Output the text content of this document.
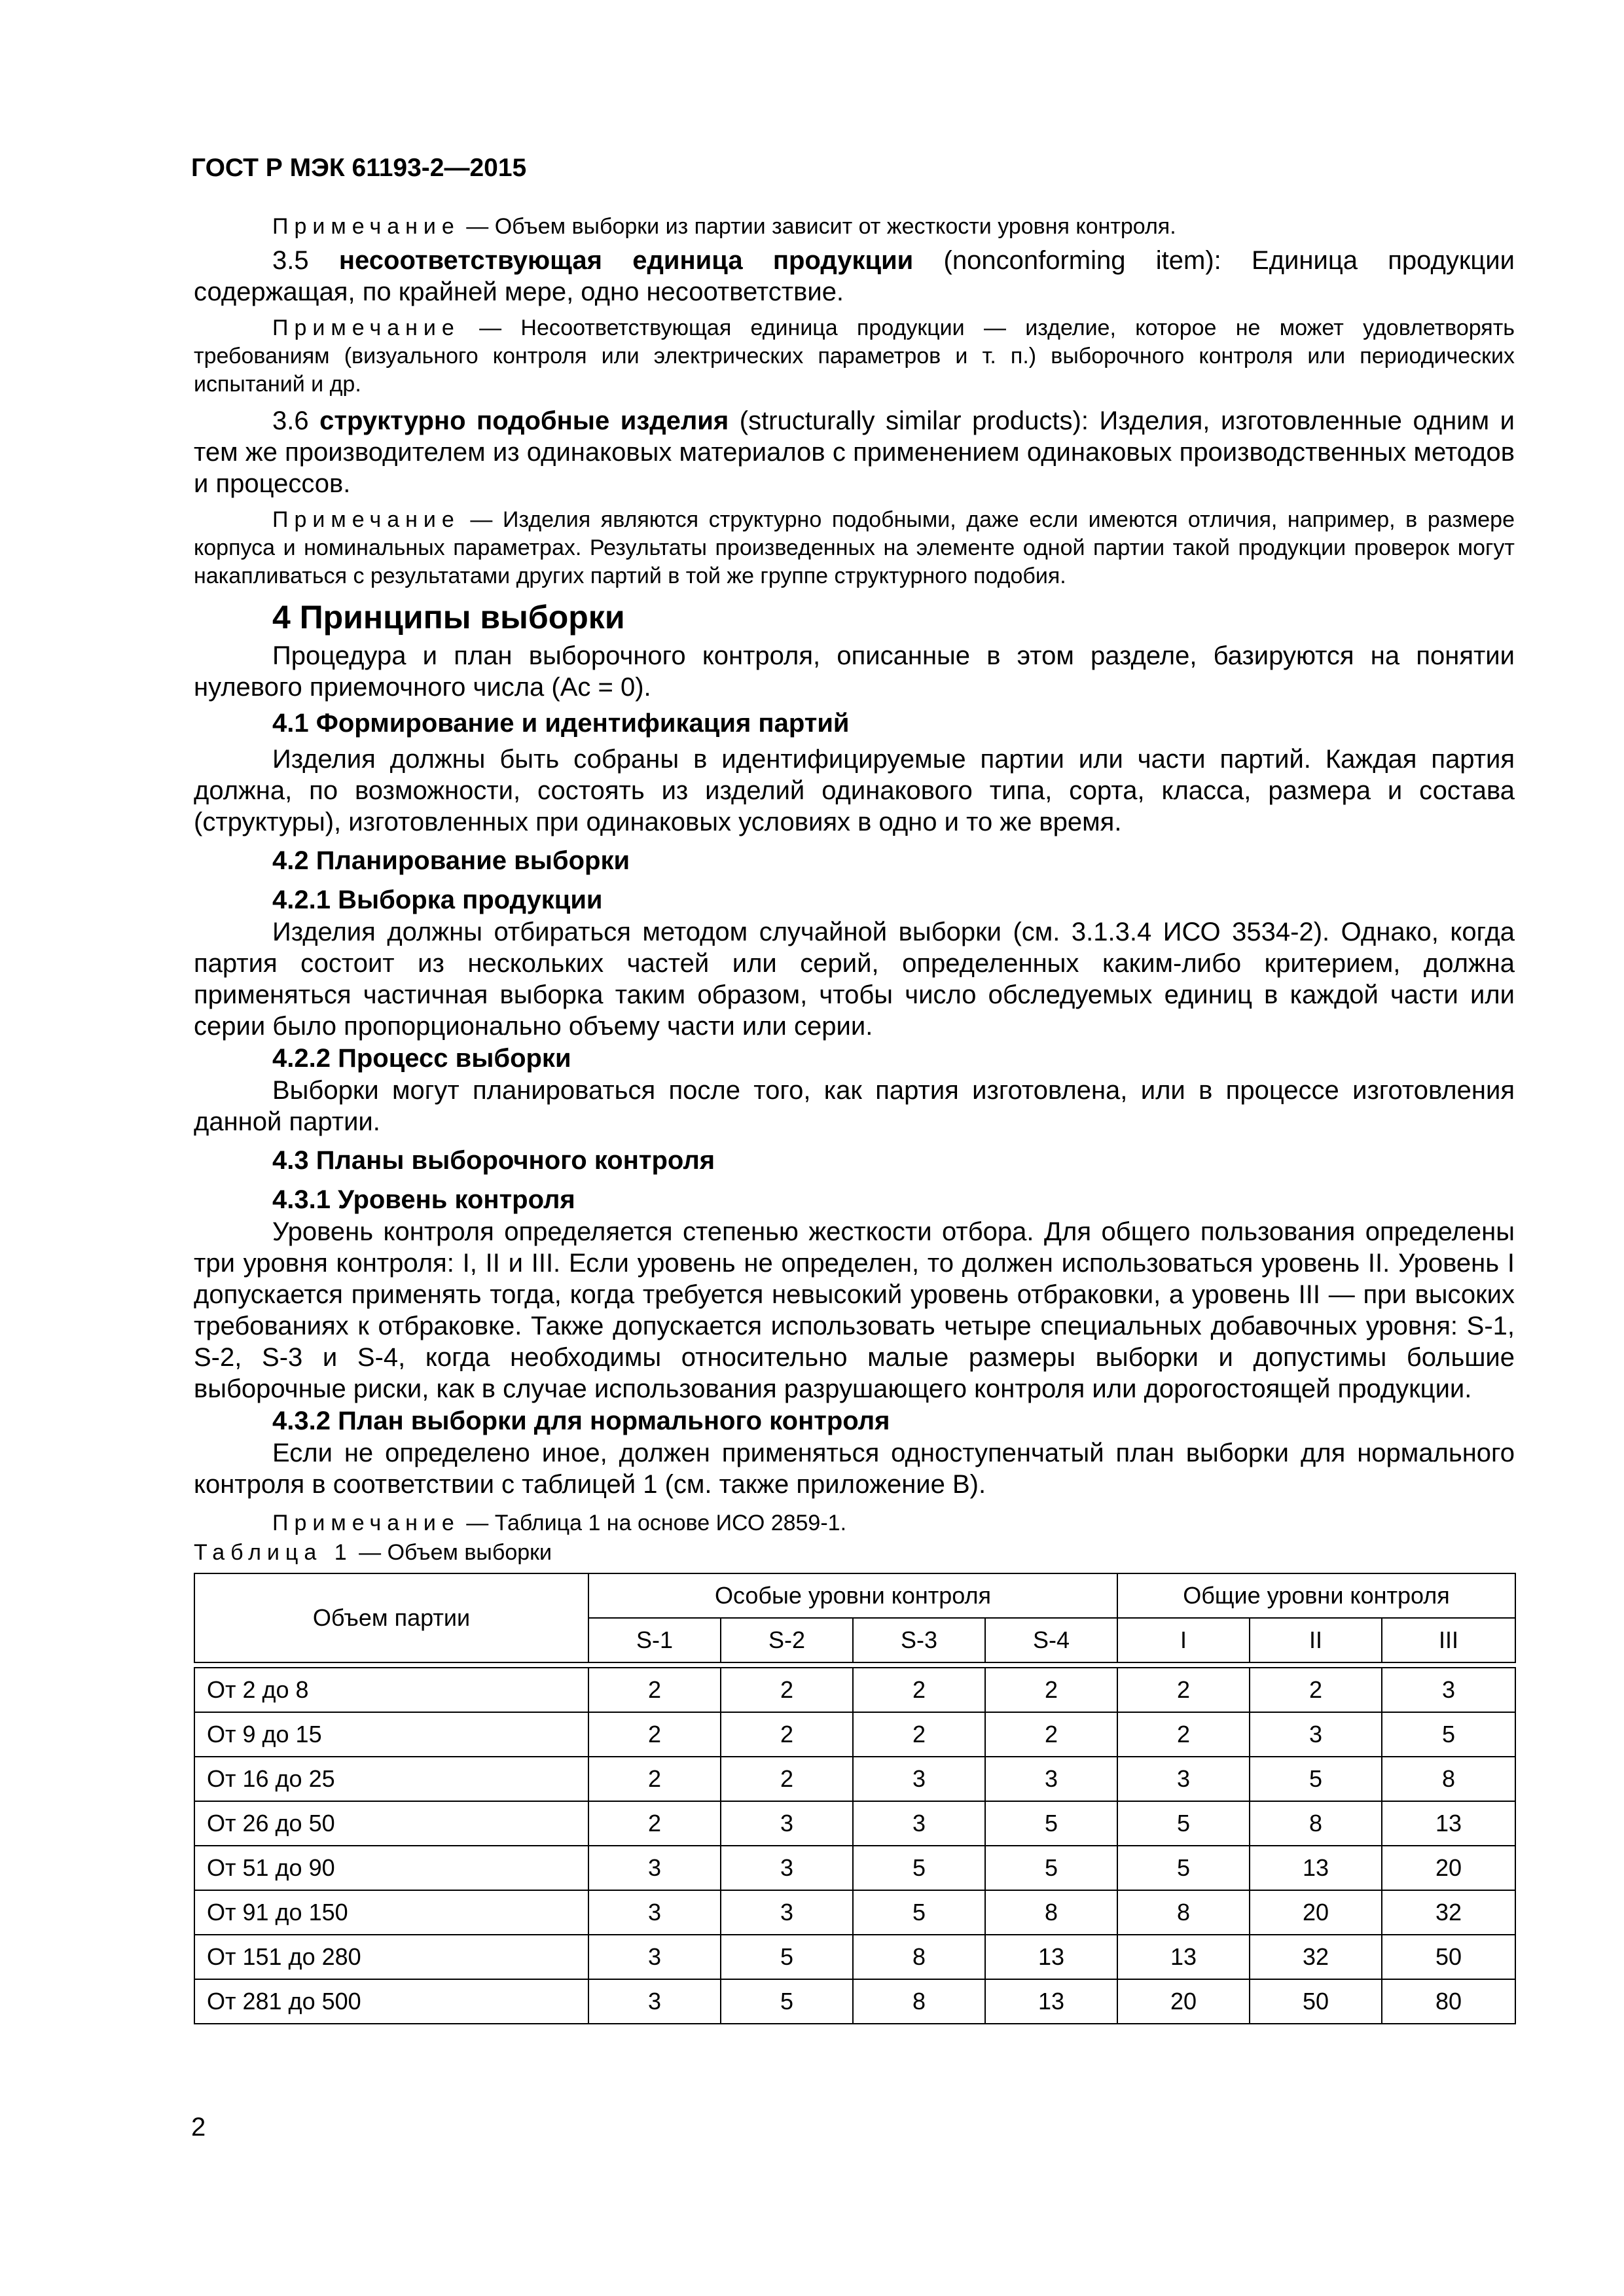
ГОСТ Р МЭК 61193-2—2015

Примечание — Объем выборки из партии зависит от жесткости уровня контроля.

3.5 несоответствующая единица продукции (nonconforming item): Единица продукции содержащая, по крайней мере, одно несоответствие.

Примечание — Несоответствующая единица продукции — изделие, которое не может удовлетворять требованиям (визуального контроля или электрических параметров и т. п.) выборочного контроля или периодических испытаний и др.

3.6 структурно подобные изделия (structurally similar products): Изделия, изготовленные одним и тем же производителем из одинаковых материалов с применением одинаковых производственных методов и процессов.

Примечание — Изделия являются структурно подобными, даже если имеются отличия, например, в размере корпуса и номинальных параметрах. Результаты произведенных на элементе одной партии такой продукции проверок могут накапливаться с результатами других партий в той же группе структурного подобия.

4 Принципы выборки

Процедура и план выборочного контроля, описанные в этом разделе, базируются на понятии нулевого приемочного числа (Ac = 0).

4.1 Формирование и идентификация партий

Изделия должны быть собраны в идентифицируемые партии или части партий. Каждая партия должна, по возможности, состоять из изделий одинакового типа, сорта, класса, размера и состава (структуры), изготовленных при одинаковых условиях в одно и то же время.

4.2 Планирование выборки

4.2.1 Выборка продукции

Изделия должны отбираться методом случайной выборки (см. 3.1.3.4 ИСО 3534-2). Однако, когда партия состоит из нескольких частей или серий, определенных каким-либо критерием, должна применяться частичная выборка таким образом, чтобы число обследуемых единиц в каждой части или серии было пропорционально объему части или серии.

4.2.2 Процесс выборки

Выборки могут планироваться после того, как партия изготовлена, или в процессе изготовления данной партии.

4.3 Планы выборочного контроля

4.3.1 Уровень контроля

Уровень контроля определяется степенью жесткости отбора. Для общего пользования определены три уровня контроля: I, II и III. Если уровень не определен, то должен использоваться уровень II. Уровень I допускается применять тогда, когда требуется невысокий уровень отбраковки, а уровень III — при высоких требованиях к отбраковке. Также допускается использовать четыре специальных добавочных уровня: S-1, S-2, S-3 и S-4, когда необходимы относительно малые размеры выборки и допустимы большие выборочные риски, как в случае использования разрушающего контроля или дорогостоящей продукции.

4.3.2 План выборки для нормального контроля

Если не определено иное, должен применяться одноступенчатый план выборки для нормального контроля в соответствии с таблицей 1 (см. также приложение B).

Примечание — Таблица 1 на основе ИСО 2859-1.

Таблица 1 — Объем выборки

Объем партии	Особые уровни контроля				Общие уровни контроля		
	S-1	S-2	S-3	S-4	I	II	III

От 2 до 8	2	2	2	2	2	2	3
От 9 до 15	2	2	2	2	2	3	5
От 16 до 25	2	2	3	3	3	5	8
От 26 до 50	2	3	3	5	5	8	13
От 51 до 90	3	3	5	5	5	13	20
От 91 до 150	3	3	5	8	8	20	32
От 151 до 280	3	5	8	13	13	32	50
От 281 до 500	3	5	8	13	20	50	80
2
